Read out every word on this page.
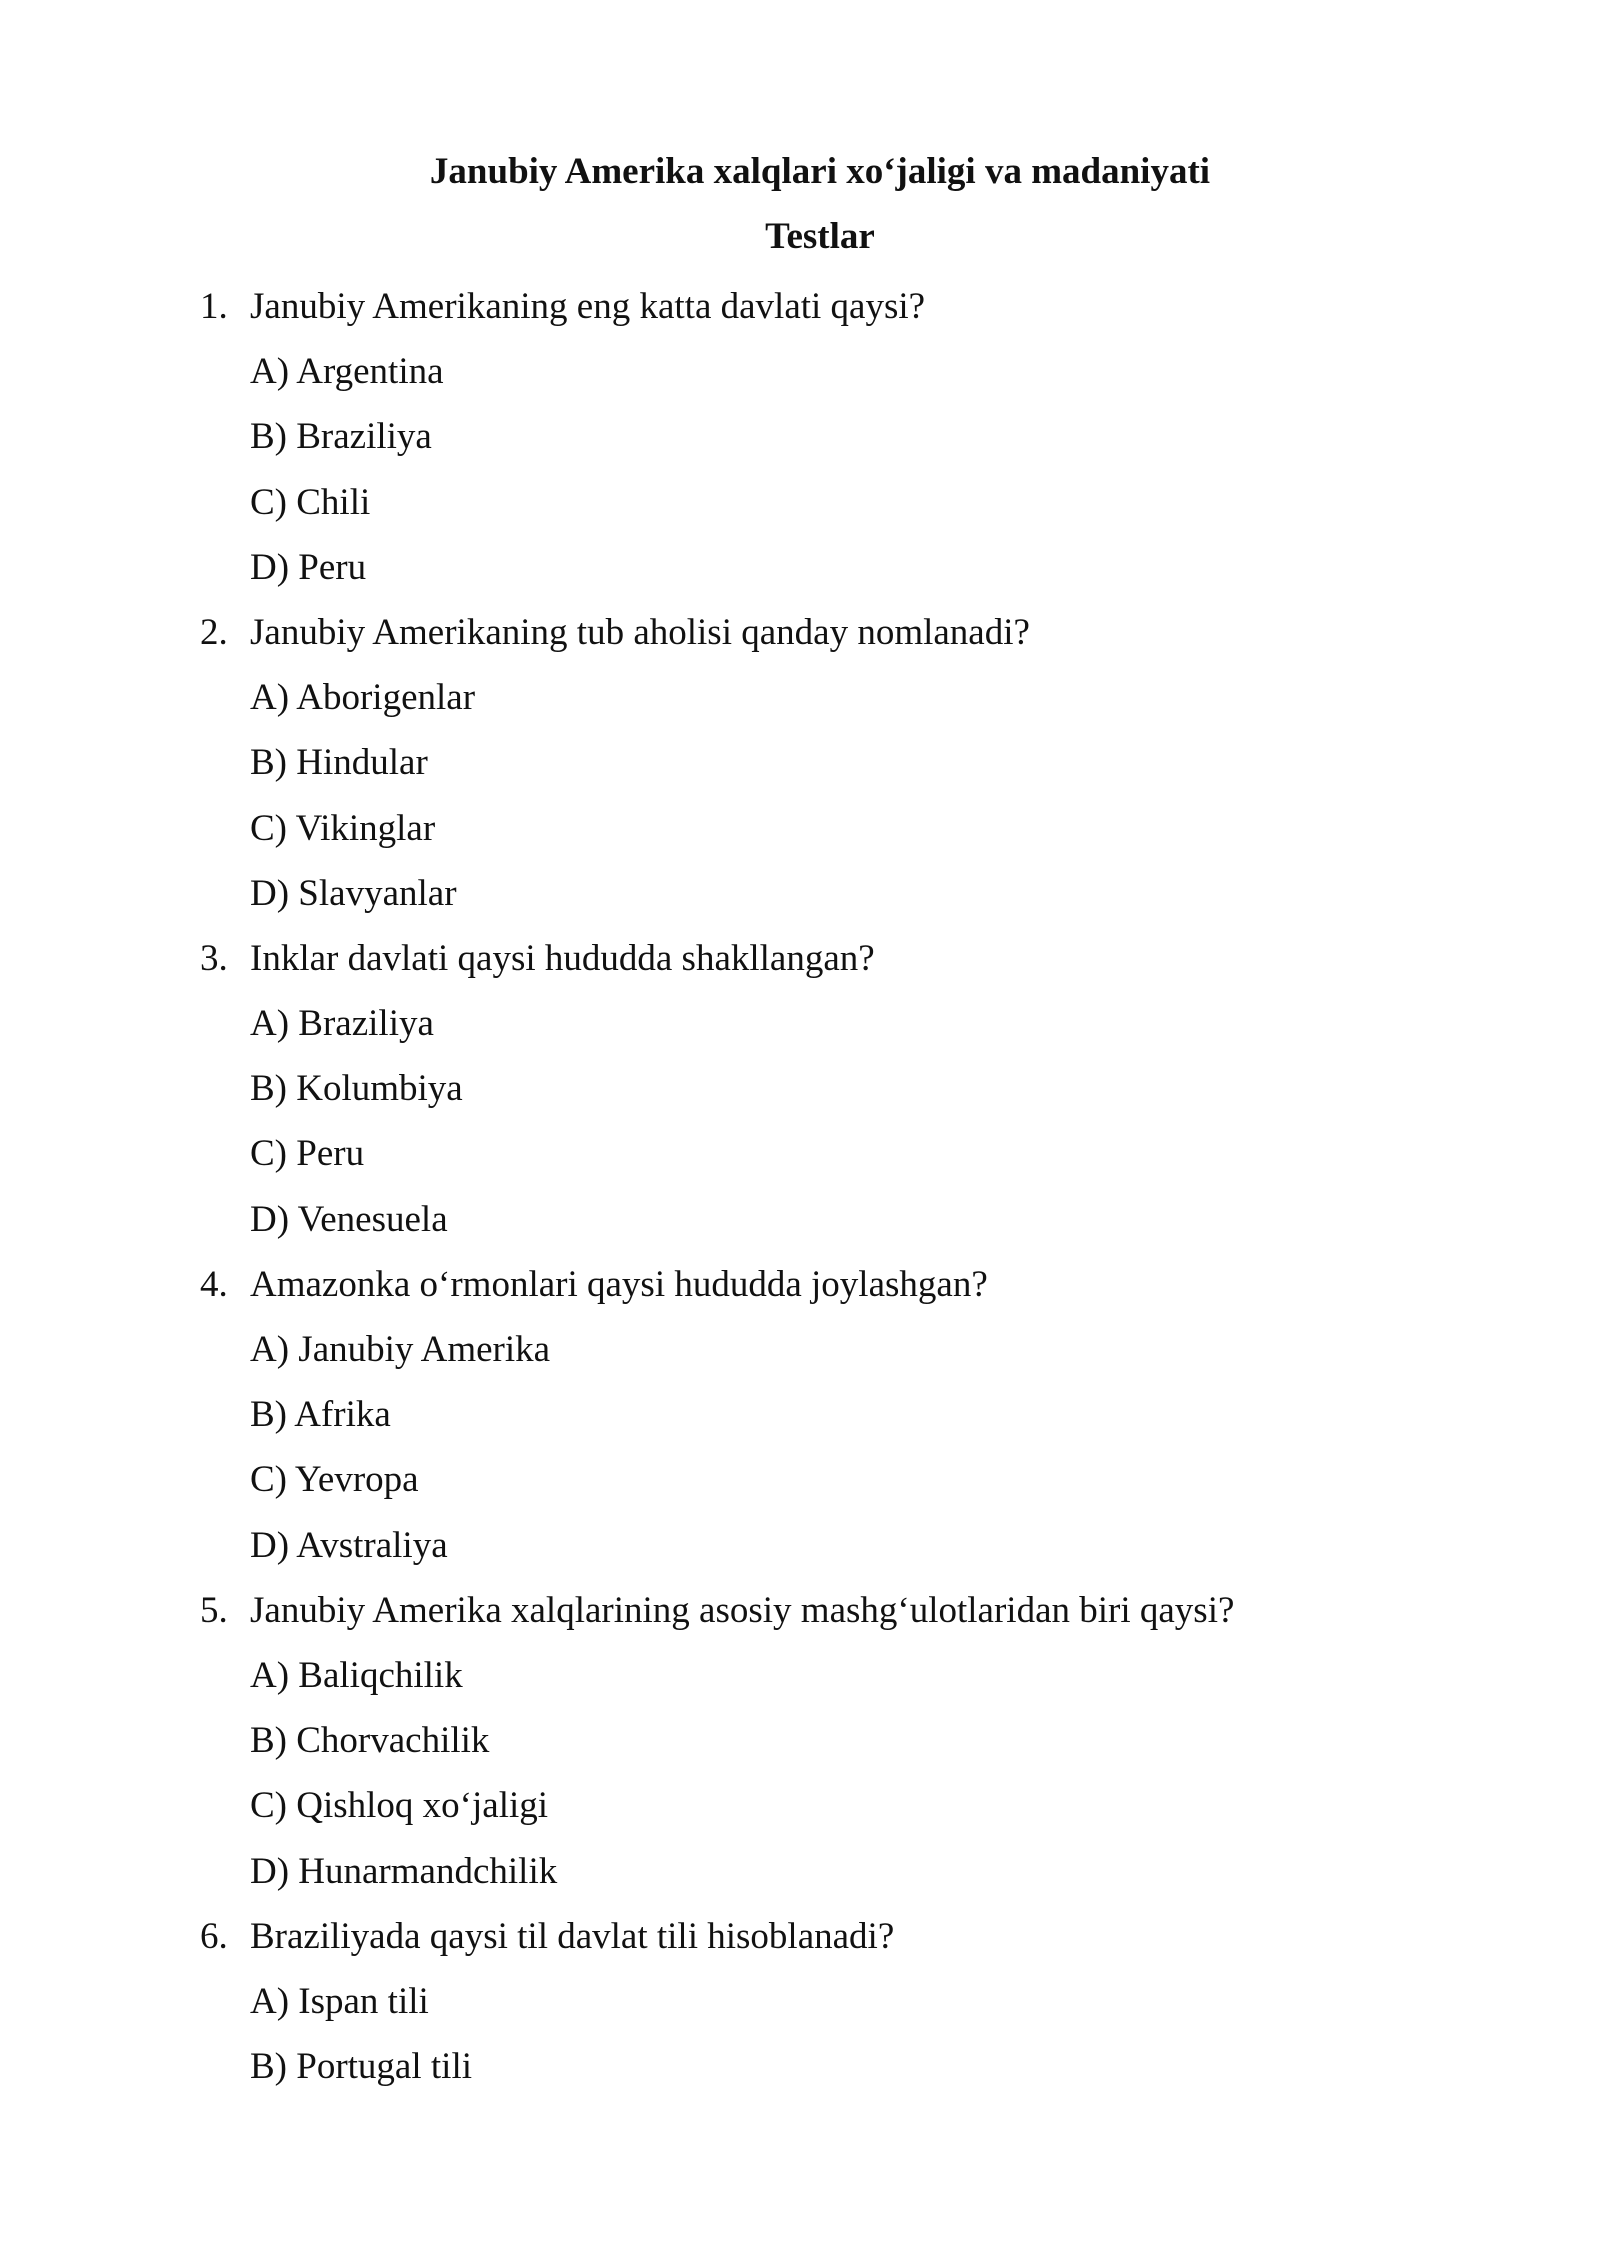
Janubiy Amerika xalqlari xo‘jaligi va madaniyati
Testlar
1. Janubiy Amerikaning eng katta davlati qaysi?
A) Argentina
B) Braziliya
C) Chili
D) Peru
2. Janubiy Amerikaning tub aholisi qanday nomlanadi?
A) Aborigenlar
B) Hindular
C) Vikinglar
D) Slavyanlar
3. Inklar davlati qaysi hududda shakllangan?
A) Braziliya
B) Kolumbiya
C) Peru
D) Venesuela
4. Amazonka o‘rmonlari qaysi hududda joylashgan?
A) Janubiy Amerika
B) Afrika
C) Yevropa
D) Avstraliya
5. Janubiy Amerika xalqlarining asosiy mashg‘ulotlaridan biri qaysi?
A) Baliqchilik
B) Chorvachilik
C) Qishloq xo‘jaligi
D) Hunarmandchilik
6. Braziliyada qaysi til davlat tili hisoblanadi?
A) Ispan tili
B) Portugal tili
